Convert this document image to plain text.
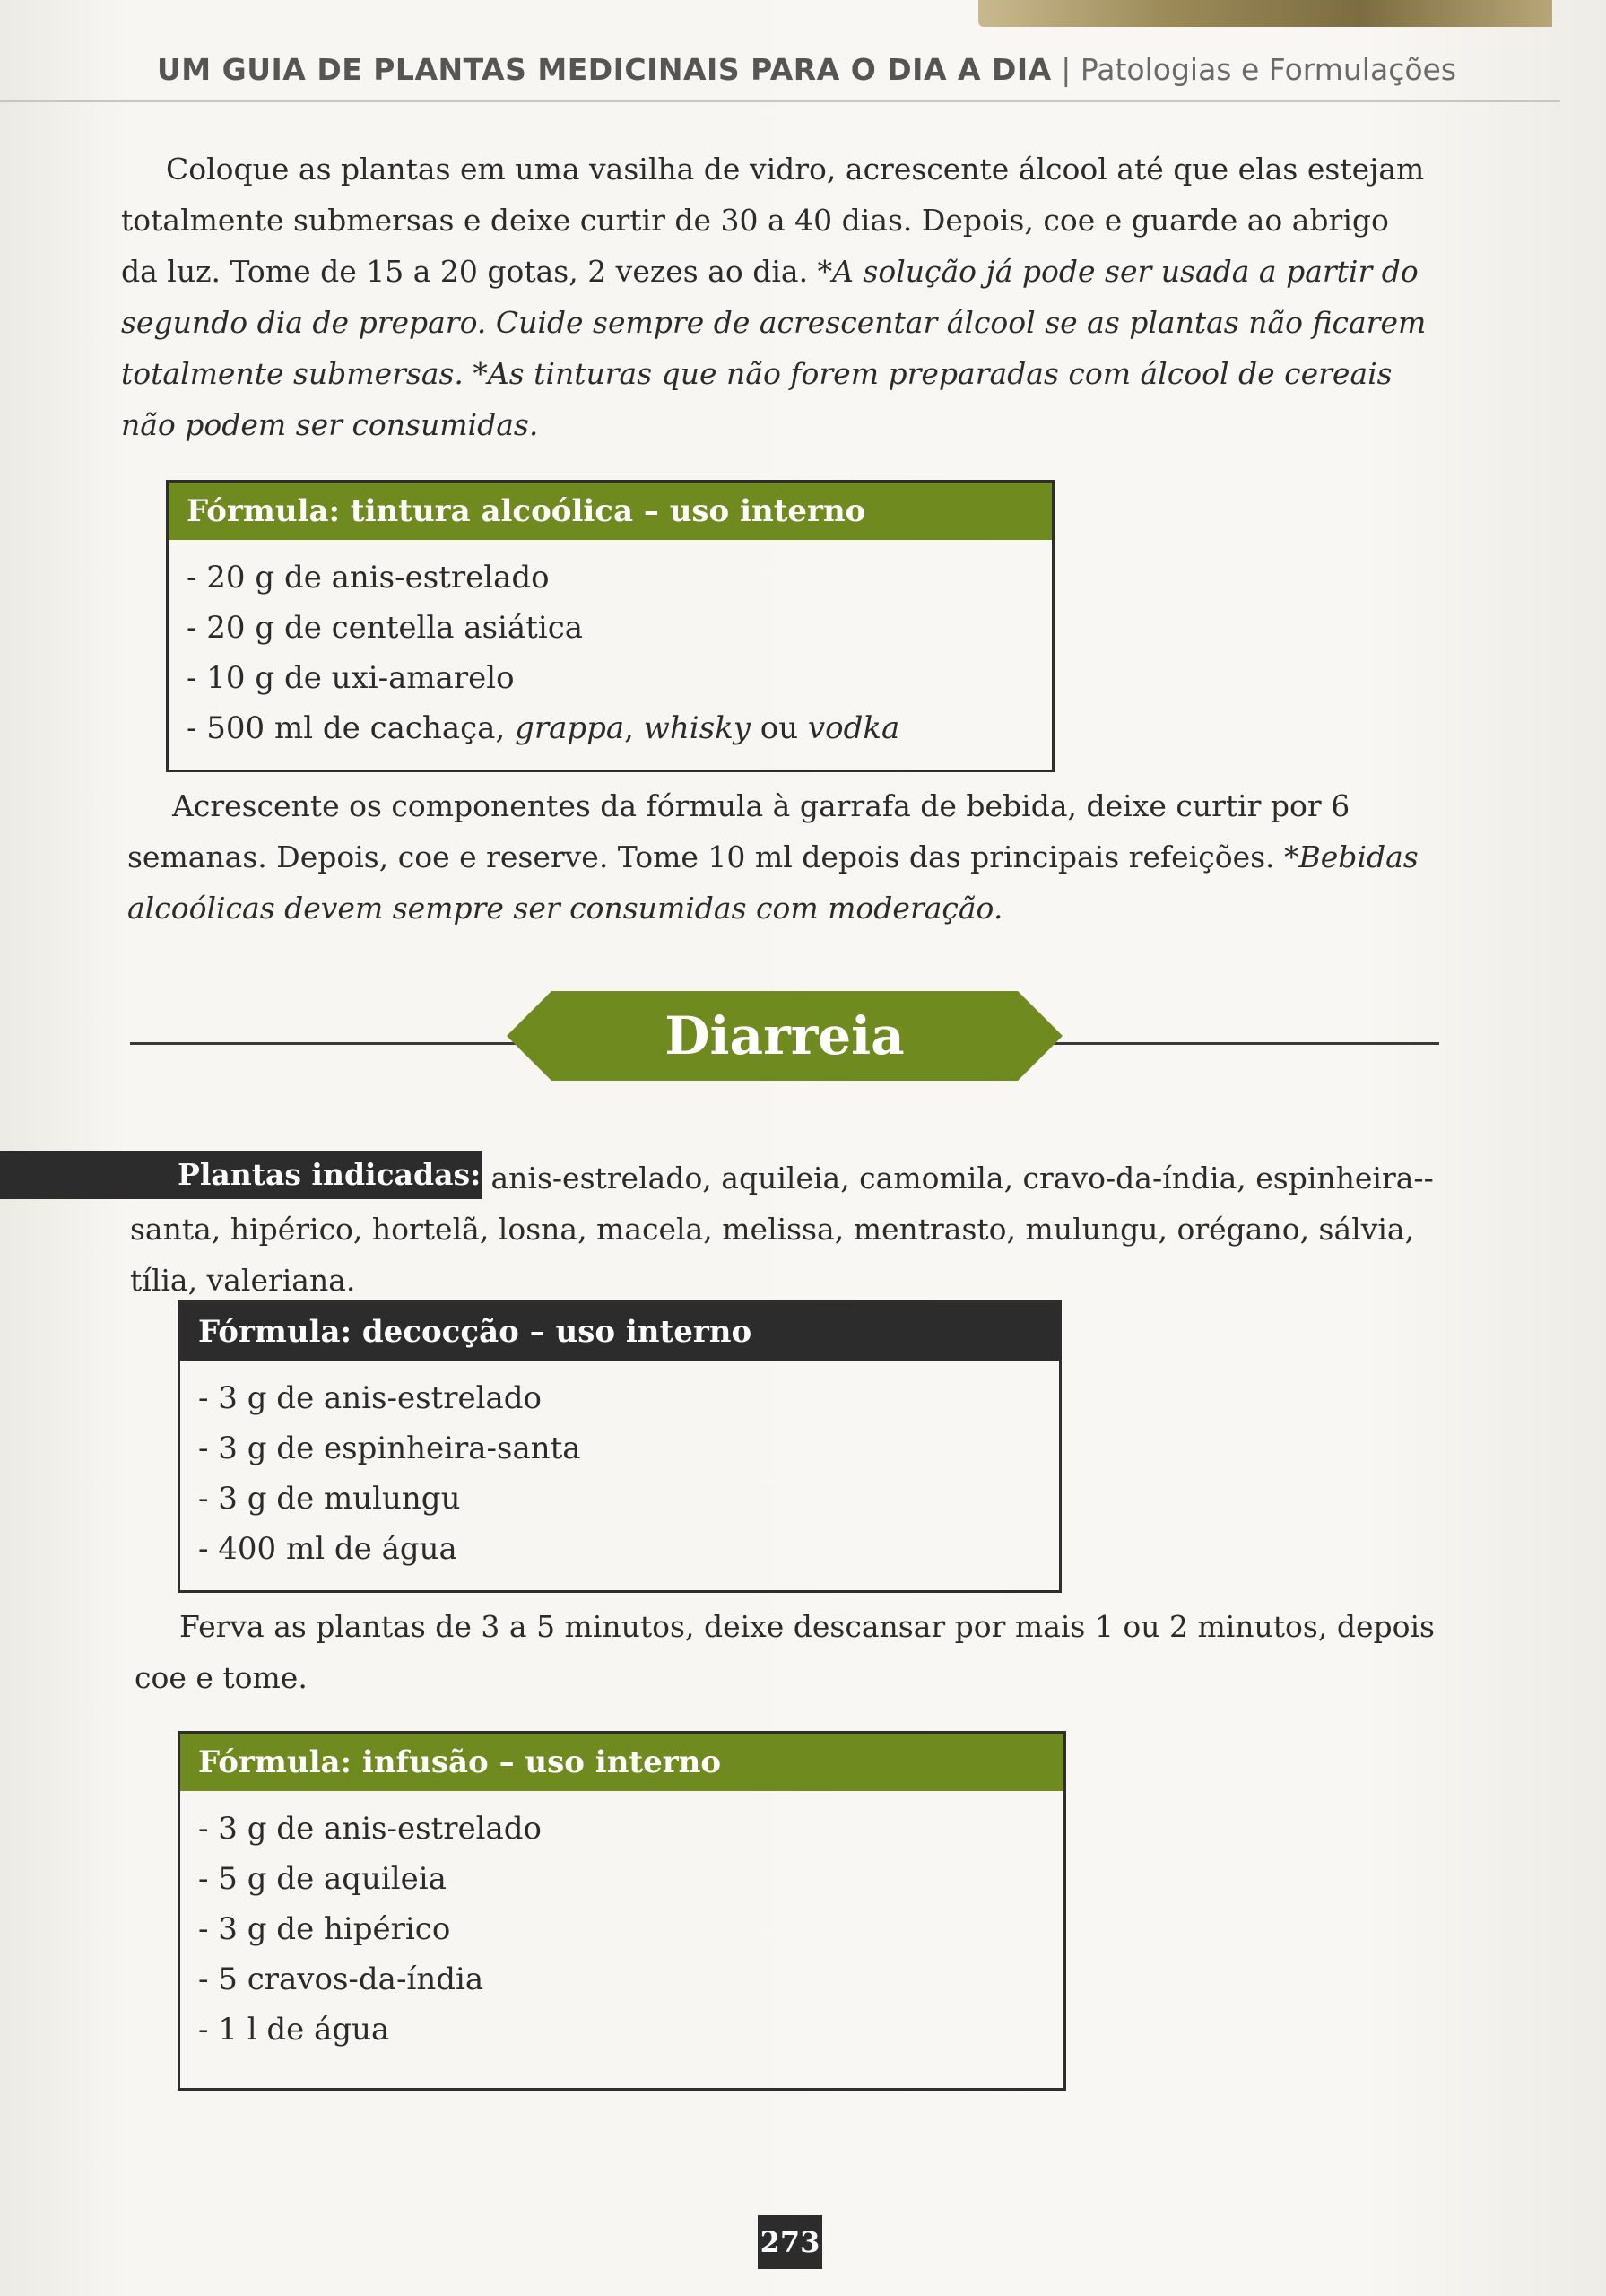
UM GUIA DE PLANTAS MEDICINAIS PARA O DIA A DIA | Patologias e Formulações

Coloque as plantas em uma vasilha de vidro, acrescente álcool até que elas estejam totalmente submersas e deixe curtir de 30 a 40 dias. Depois, coe e guarde ao abrigo da luz. Tome de 15 a 20 gotas, 2 vezes ao dia. *A solução já pode ser usada a partir do segundo dia de preparo. Cuide sempre de acrescentar álcool se as plantas não ficarem totalmente submersas. *As tinturas que não forem preparadas com álcool de cereais não podem ser consumidas.

Fórmula: tintura alcoólica – uso interno
- 20 g de anis-estrelado
- 20 g de centella asiática
- 10 g de uxi-amarelo
- 500 ml de cachaça, grappa, whisky ou vodka

Acrescente os componentes da fórmula à garrafa de bebida, deixe curtir por 6 semanas. Depois, coe e reserve. Tome 10 ml depois das principais refeições. *Bebidas alcoólicas devem sempre ser consumidas com moderação.

Diarreia

anis-estrelado, aquileia, camomila, cravo-da-índia, espinheira--santa, hipérico, hortelã, losna, macela, melissa, mentrasto, mulungu, orégano, sálvia, tília, valeriana.

Plantas indicadas:
Fórmula: decocção – uso interno
- 3 g de anis-estrelado
- 3 g de espinheira-santa
- 3 g de mulungu
- 400 ml de água

Ferva as plantas de 3 a 5 minutos, deixe descansar por mais 1 ou 2 minutos, depois coe e tome.

Fórmula: infusão – uso interno
- 3 g de anis-estrelado
- 5 g de aquileia
- 3 g de hipérico
- 5 cravos-da-índia
- 1 l de água
273
